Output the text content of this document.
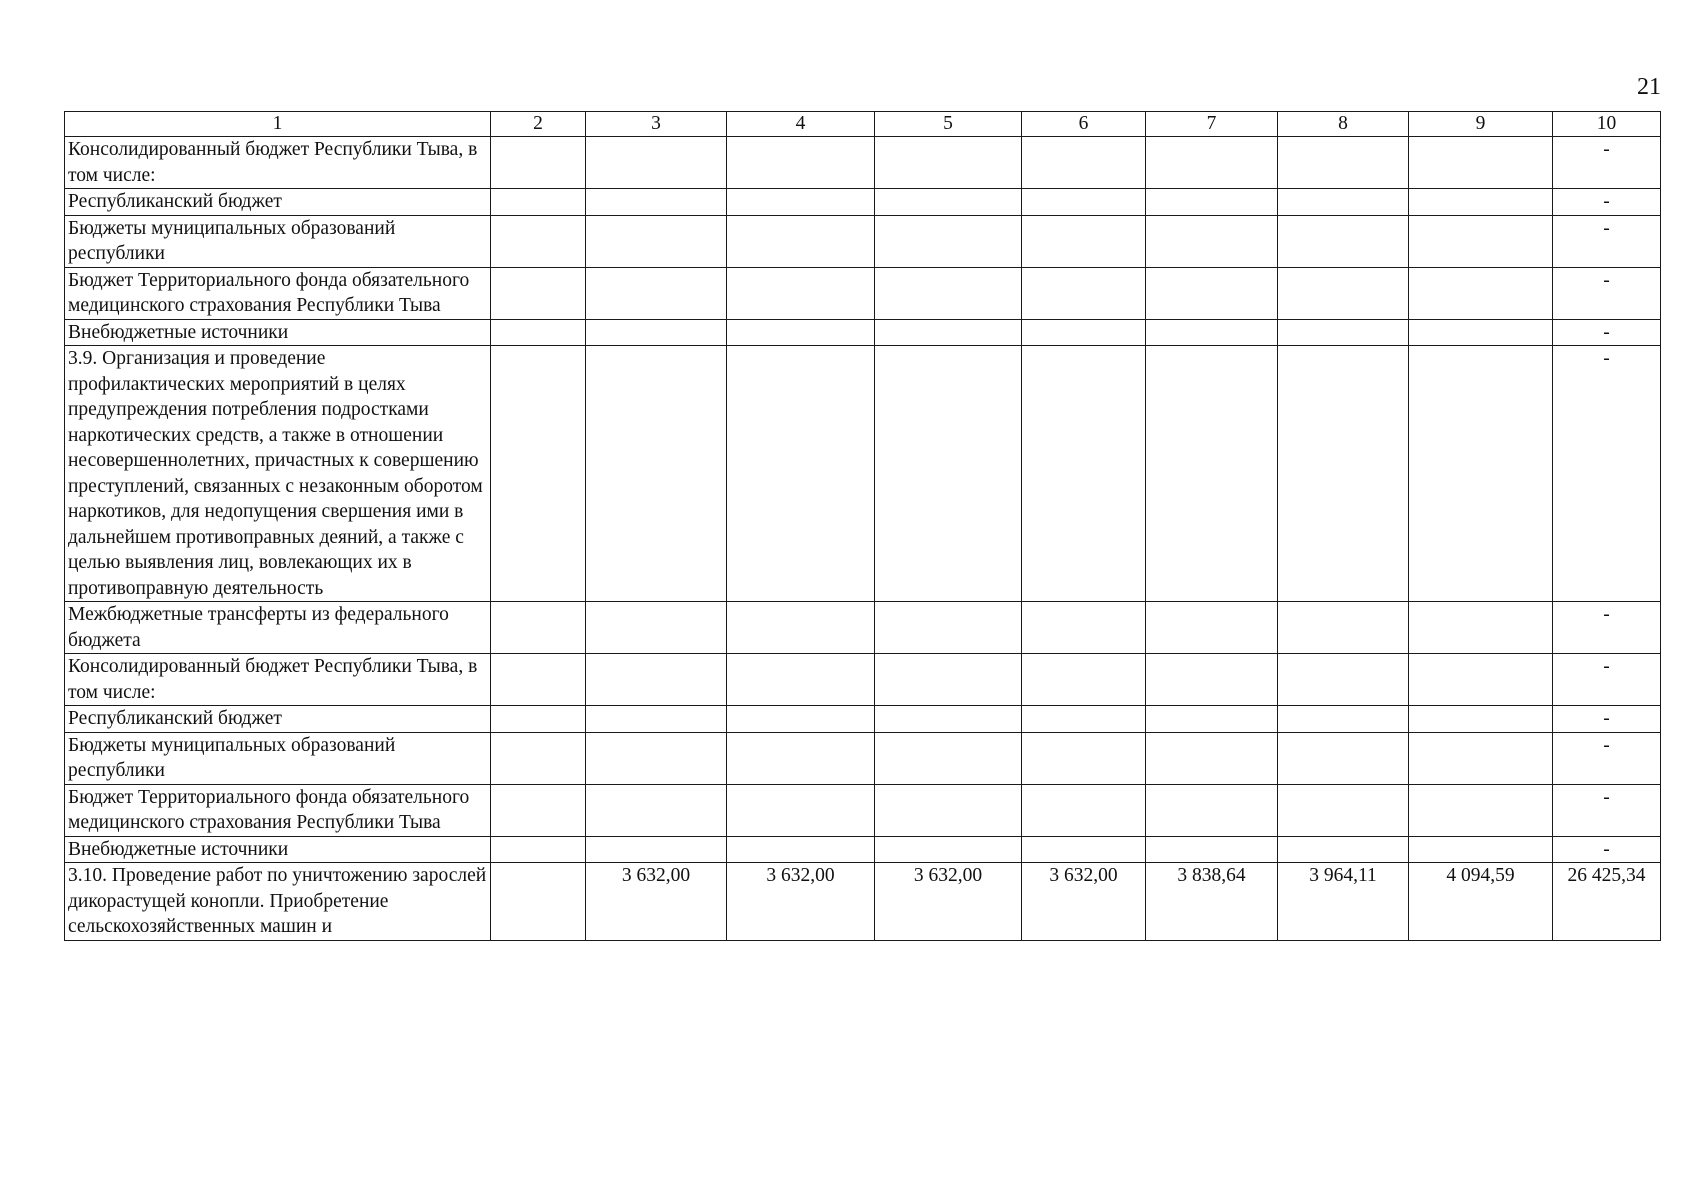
21
1	2	3	4	5	6	7	8	9	10
Консолидированный бюджет Республики Тыва, в том числе:									-
Республиканский бюджет									-
Бюджеты муниципальных образований республики									-
Бюджет Территориального фонда обязательного медицинского страхования Республики Тыва									-
Внебюджетные источники									-
3.9. Организация и проведение профилактических мероприятий в целях предупреждения потребления подростками наркотических средств, а также в отношении несовершеннолетних, причастных к совершению преступлений, связанных с незаконным оборотом наркотиков, для недопущения свершения ими в дальнейшем противоправных деяний, а также с целью выявления лиц, вовлекающих их в противоправную деятельность									-
Межбюджетные трансферты из федерального бюджета									-
Консолидированный бюджет Республики Тыва, в том числе:									-
Республиканский бюджет									-
Бюджеты муниципальных образований республики									-
Бюджет Территориального фонда обязательного медицинского страхования Республики Тыва									-
Внебюджетные источники									-
3.10. Проведение работ по уничтожению зарослей дикорастущей конопли. Приобретение сельскохозяйственных машин и		3 632,00	3 632,00	3 632,00	3 632,00	3 838,64	3 964,11	4 094,59	26 425,34
